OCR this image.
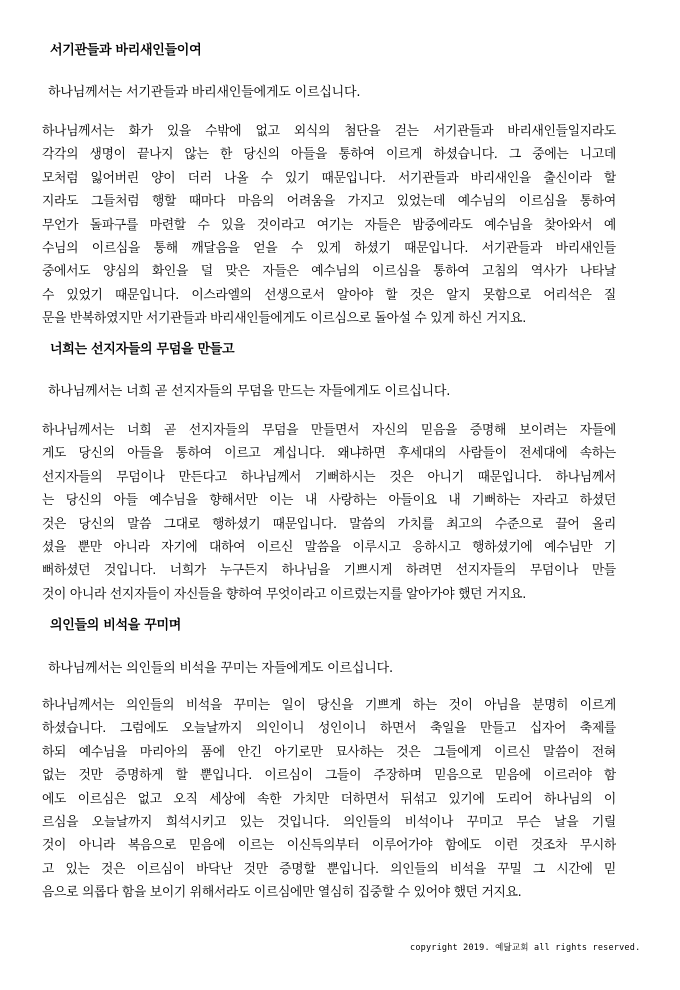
서기관들과 바리새인들이여

하나님께서는 서기관들과 바리새인들에게도 이르십니다.

하나님께서는 화가 있을 수밖에 없고 외식의 첨단을 걷는 서기관들과 바리새인들일지라도
각각의 생명이 끝나지 않는 한 당신의 아들을 통하여 이르게 하셨습니다. 그 중에는 니고데
모처럼 잃어버린 양이 더러 나올 수 있기 때문입니다. 서기관들과 바리새인을 출신이라 할
지라도 그들처럼 행할 때마다 마음의 어려움을 가지고 있었는데 예수님의 이르심을 통하여
무언가 돌파구를 마련할 수 있을 것이라고 여기는 자들은 밤중에라도 예수님을 찾아와서 예
수님의 이르심을 통해 깨달음을 얻을 수 있게 하셨기 때문입니다. 서기관들과 바리새인들
중에서도 양심의 화인을 덜 맞은 자들은 예수님의 이르심을 통하여 고침의 역사가 나타날
수 있었기 때문입니다. 이스라엘의 선생으로서 알아야 할 것은 알지 못함으로 어리석은 질
문을 반복하였지만 서기관들과 바리새인들에게도 이르심으로 돌아설 수 있게 하신 거지요.
너희는 선지자들의 무덤을 만들고

하나님께서는 너희 곧 선지자들의 무덤을 만드는 자들에게도 이르십니다.

하나님께서는 너희 곧 선지자들의 무덤을 만들면서 자신의 믿음을 증명해 보이려는 자들에
게도 당신의 아들을 통하여 이르고 계십니다. 왜냐하면 후세대의 사람들이 전세대에 속하는
선지자들의 무덤이나 만든다고 하나님께서 기뻐하시는 것은 아니기 때문입니다. 하나님께서
는 당신의 아들 예수님을 향해서만 이는 내 사랑하는 아들이요 내 기뻐하는 자라고 하셨던
것은 당신의 말씀 그대로 행하셨기 때문입니다. 말씀의 가치를 최고의 수준으로 끌어 올리
셨을 뿐만 아니라 자기에 대하여 이르신 말씀을 이루시고 응하시고 행하셨기에 예수님만 기
뻐하셨던 것입니다. 너희가 누구든지 하나님을 기쁘시게 하려면 선지자들의 무덤이나 만들
것이 아니라 선지자들이 자신들을 향하여 무엇이라고 이르렀는지를 알아가야 했던 거지요.
의인들의 비석을 꾸미며

하나님께서는 의인들의 비석을 꾸미는 자들에게도 이르십니다.

하나님께서는 의인들의 비석을 꾸미는 일이 당신을 기쁘게 하는 것이 아님을 분명히 이르게
하셨습니다. 그럼에도 오늘날까지 의인이니 성인이니 하면서 축일을 만들고 십자어 축제를
하되 예수님을 마리아의 품에 안긴 아기로만 묘사하는 것은 그들에게 이르신 말씀이 전혀
없는 것만 증명하게 할 뿐입니다. 이르심이 그들이 주장하며 믿음으로 믿음에 이르러야 함
에도 이르심은 없고 오직 세상에 속한 가치만 더하면서 뒤섞고 있기에 도리어 하나님의 이
르심을 오늘날까지 희석시키고 있는 것입니다. 의인들의 비석이나 꾸미고 무슨 날을 기릴
것이 아니라 복음으로 믿음에 이르는 이신득의부터 이루어가야 함에도 이런 것조차 무시하
고 있는 것은 이르심이 바닥난 것만 증명할 뿐입니다. 의인들의 비석을 꾸밀 그 시간에 믿
음으로 의롭다 함을 보이기 위해서라도 이르심에만 열심히 집중할 수 있어야 했던 거지요.
copyright 2019. 예닮교회 all rights reserved.
